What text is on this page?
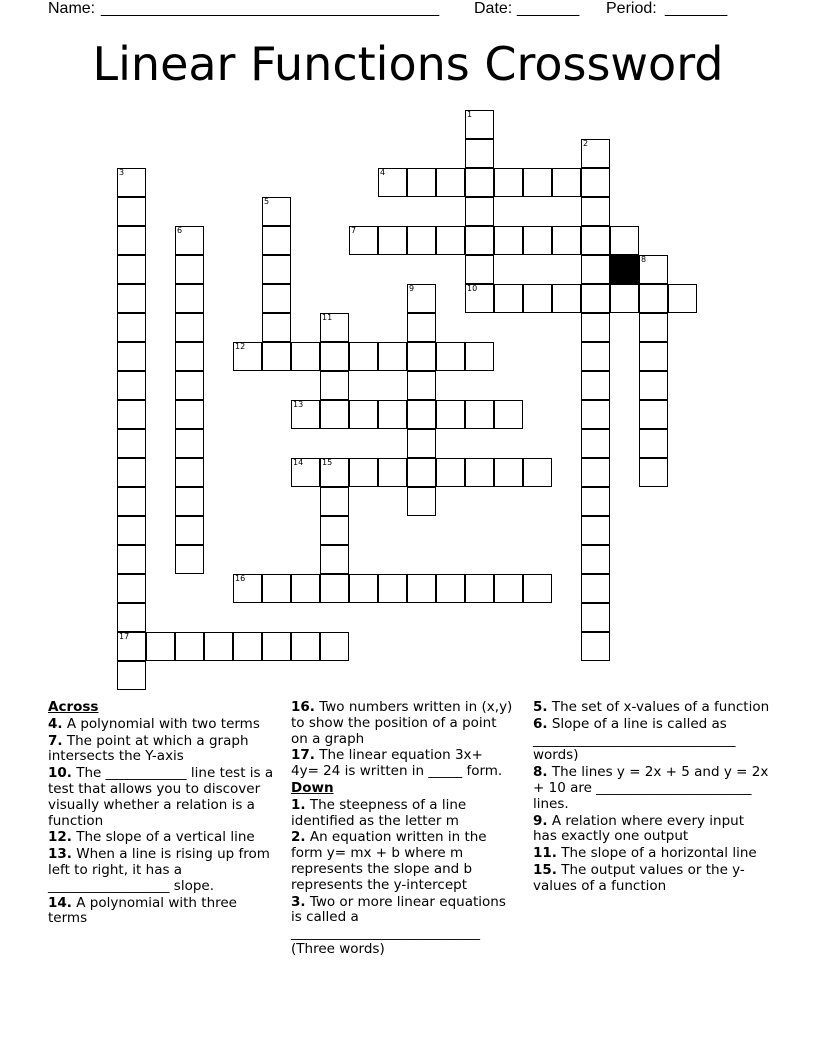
Name:

______________________________________

Date:

_______

Period:

_______

Linear Functions Crossword
1
2
3
17
4
5
6	7
8
9	10
11
12
13
14 15
16

Across

4. A polynomial with two terms

7. The point at which a graph intersects the Y-axis

10. The ____________ line test is a test that allows you to discover visually whether a relation is a function

12. The slope of a vertical line

13. When a line is rising up from left to right, it has a __________________ slope.

14. A polynomial with three terms

16. Two numbers written in (x,y) to show the position of a point on a graph

17. The linear equation 3x+ 4y= 24 is written in _____ form.

Down

1. The steepness of a line identified as the letter m

2. An equation written in the form y= mx + b where m represents the slope and b represents the y-intercept

3. Two or more linear equations is called a ____________________________ (Three words)

5. The set of x-values of a function

6. Slope of a line is called as ______________________________ words)

8. The lines y = 2x + 5 and y = 2x + 10 are _______________________ lines.

9. A relation where every input has exactly one output

11. The slope of a horizontal line

15. The output values or the y-values of a function
